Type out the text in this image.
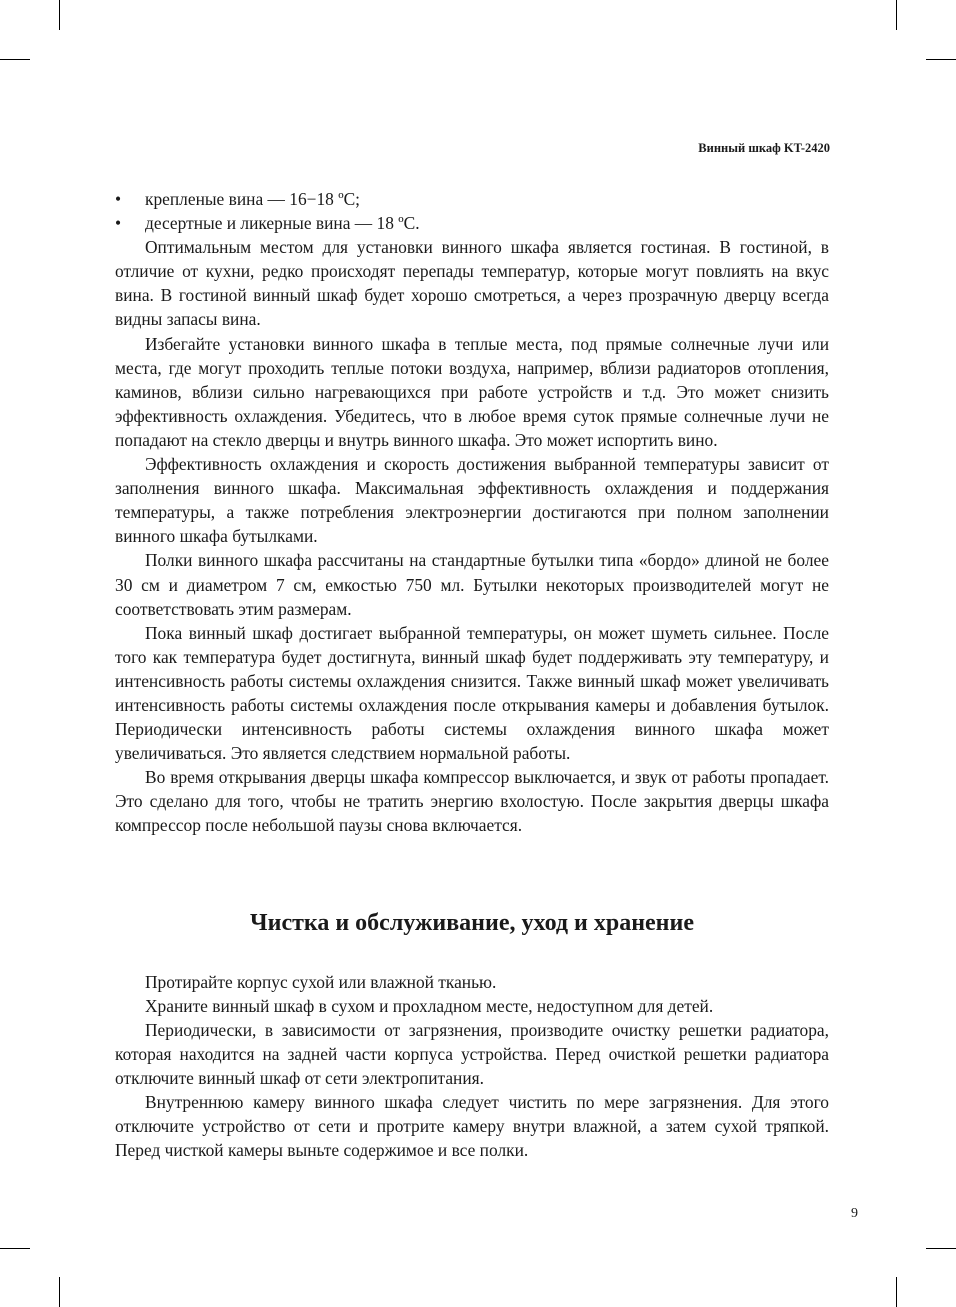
Винный шкаф KT-2420
• крепленые вина — 16−18 ºC;
• десертные и ликерные вина — 18 ºC.

Оптимальным местом для установки винного шкафа является гостиная. В гостиной, в отличие от кухни, редко происходят перепады температур, которые могут повлиять на вкус вина. В гостиной винный шкаф будет хорошо смотреться, а через прозрачную дверцу всегда видны запасы вина.

Избегайте установки винного шкафа в теплые места, под прямые солнечные лучи или места, где могут проходить теплые потоки воздуха, например, вблизи радиаторов отопления, каминов, вблизи сильно нагревающихся при работе устройств и т.д. Это может снизить эффективность охлаждения. Убедитесь, что в любое время суток прямые солнечные лучи не попадают на стекло дверцы и внутрь винного шкафа. Это может испортить вино.

Эффективность охлаждения и скорость достижения выбранной температуры зависит от заполнения винного шкафа. Максимальная эффективность охлаждения и поддержания температуры, а также потребления электроэнергии достигаются при полном заполнении винного шкафа бутылками.

Полки винного шкафа рассчитаны на стандартные бутылки типа «бордо» длиной не более 30 см и диаметром 7 см, емкостью 750 мл. Бутылки некоторых производителей могут не соответствовать этим размерам.

Пока винный шкаф достигает выбранной температуры, он может шуметь сильнее. После того как температура будет достигнута, винный шкаф будет поддерживать эту температуру, и интенсивность работы системы охлаждения снизится. Также винный шкаф может увеличивать интенсивность работы системы охлаждения после открывания камеры и добавления бутылок. Периодически интенсивность работы системы охлаждения винного шкафа может увеличиваться. Это является следствием нормальной работы.

Во время открывания дверцы шкафа компрессор выключается, и звук от работы пропадает. Это сделано для того, чтобы не тратить энергию вхолостую. После закрытия дверцы шкафа компрессор после небольшой паузы снова включается.

Чистка и обслуживание, уход и хранение

Протирайте корпус сухой или влажной тканью.

Храните винный шкаф в сухом и прохладном месте, недоступном для детей.

Периодически, в зависимости от загрязнения, производите очистку решетки радиатора, которая находится на задней части корпуса устройства. Перед очисткой решетки радиатора отключите винный шкаф от сети электропитания.

Внутреннюю камеру винного шкафа следует чистить по мере загрязнения. Для этого отключите устройство от сети и протрите камеру внутри влажной, а затем сухой тряпкой. Перед чисткой камеры выньте содержимое и все полки.

9
